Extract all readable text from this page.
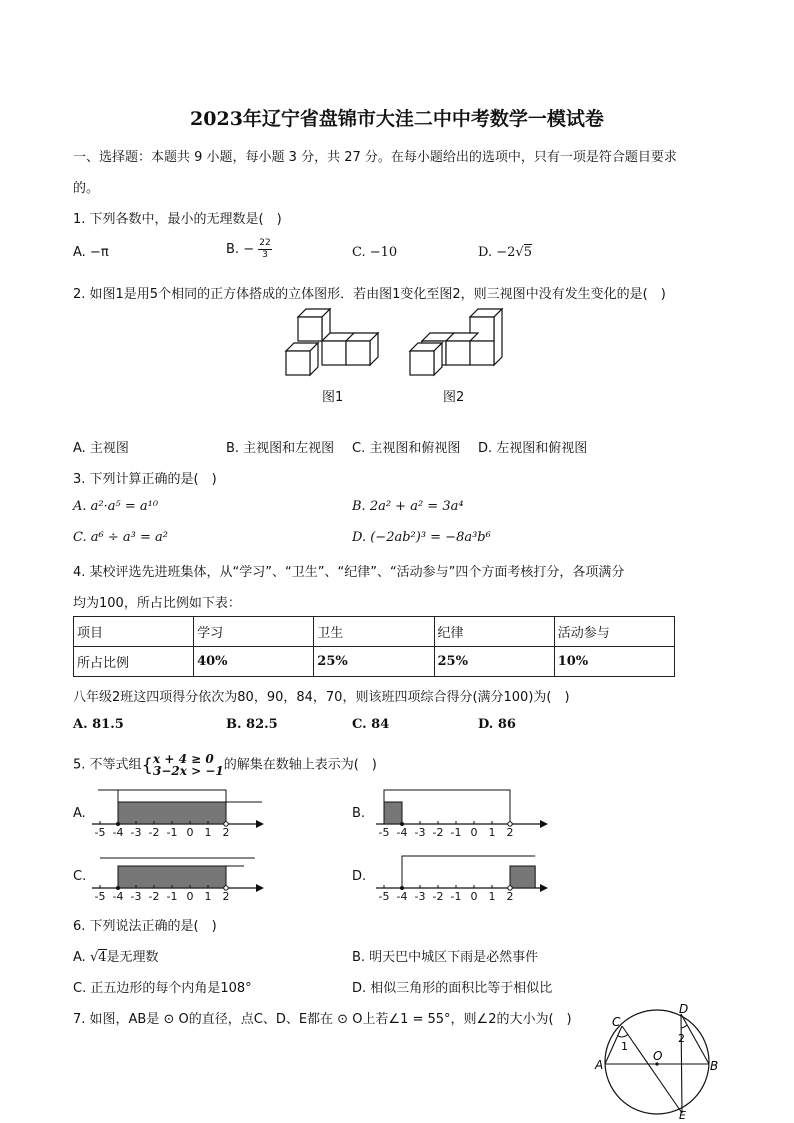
2023年辽宁省盘锦市大洼二中中考数学一模试卷
一、选择题：本题共 9 小题，每小题 3 分，共 27 分。在每小题给出的选项中，只有一项是符合题目要求
的。
1. 下列各数中，最小的无理数是(　)
A. −π	B. − $\frac{22}{3}$	C. −10	D. −2√5
2. 如图1是用5个相同的正方体搭成的立体图形．若由图1变化至图2，则三视图中没有发生变化的是(　)
图1	图2
A. 主视图	B. 主视图和左视图 C. 主视图和俯视图 D. 左视图和俯视图
3. 下列计算正确的是(　)
A. a²·a⁵ = a¹⁰	B. 2a² + a² = 3a⁴
C. a⁶ ÷ a³ = a²	D. (−2ab²)³ = −8a³b⁶
4. 某校评选先进班集体，从“学习”、“卫生”、“纪律”、“活动参与”四个方面考核打分，各项满分
均为100，所占比例如下表：
项目	学习	卫生	纪律	活动参与
所占比例	40%	25%	25%	10%
八年级2班这四项得分依次为80，90，84，70，则该班四项综合得分(满分100)为(　)
A. 81.5	B. 82.5	C. 84	D. 86
5. 不等式组{ x + 4 ≥ 0
3−2x > −1 的解集在数轴上表示为(　)
A.	B.
C.	D.
-5 -4 -3 -2 -1 0 1 2	-5 -4 -3 -2 -1 0 1 2
-5 -4 -3 -2 -1 0 1 2	-5 -4 -3 -2 -1 0 1 2
6. 下列说法正确的是(　)
A. √4是无理数	B. 明天巴中城区下雨是必然事件
C. 正五边形的每个内角是108°	D. 相似三角形的面积比等于相似比
7. 如图，AB是 ⊙ O的直径，点C、D、E都在 ⊙ O上若∠1 = 55°，则∠2的大小为(　)	C
D
A	B
E
O
1
2
